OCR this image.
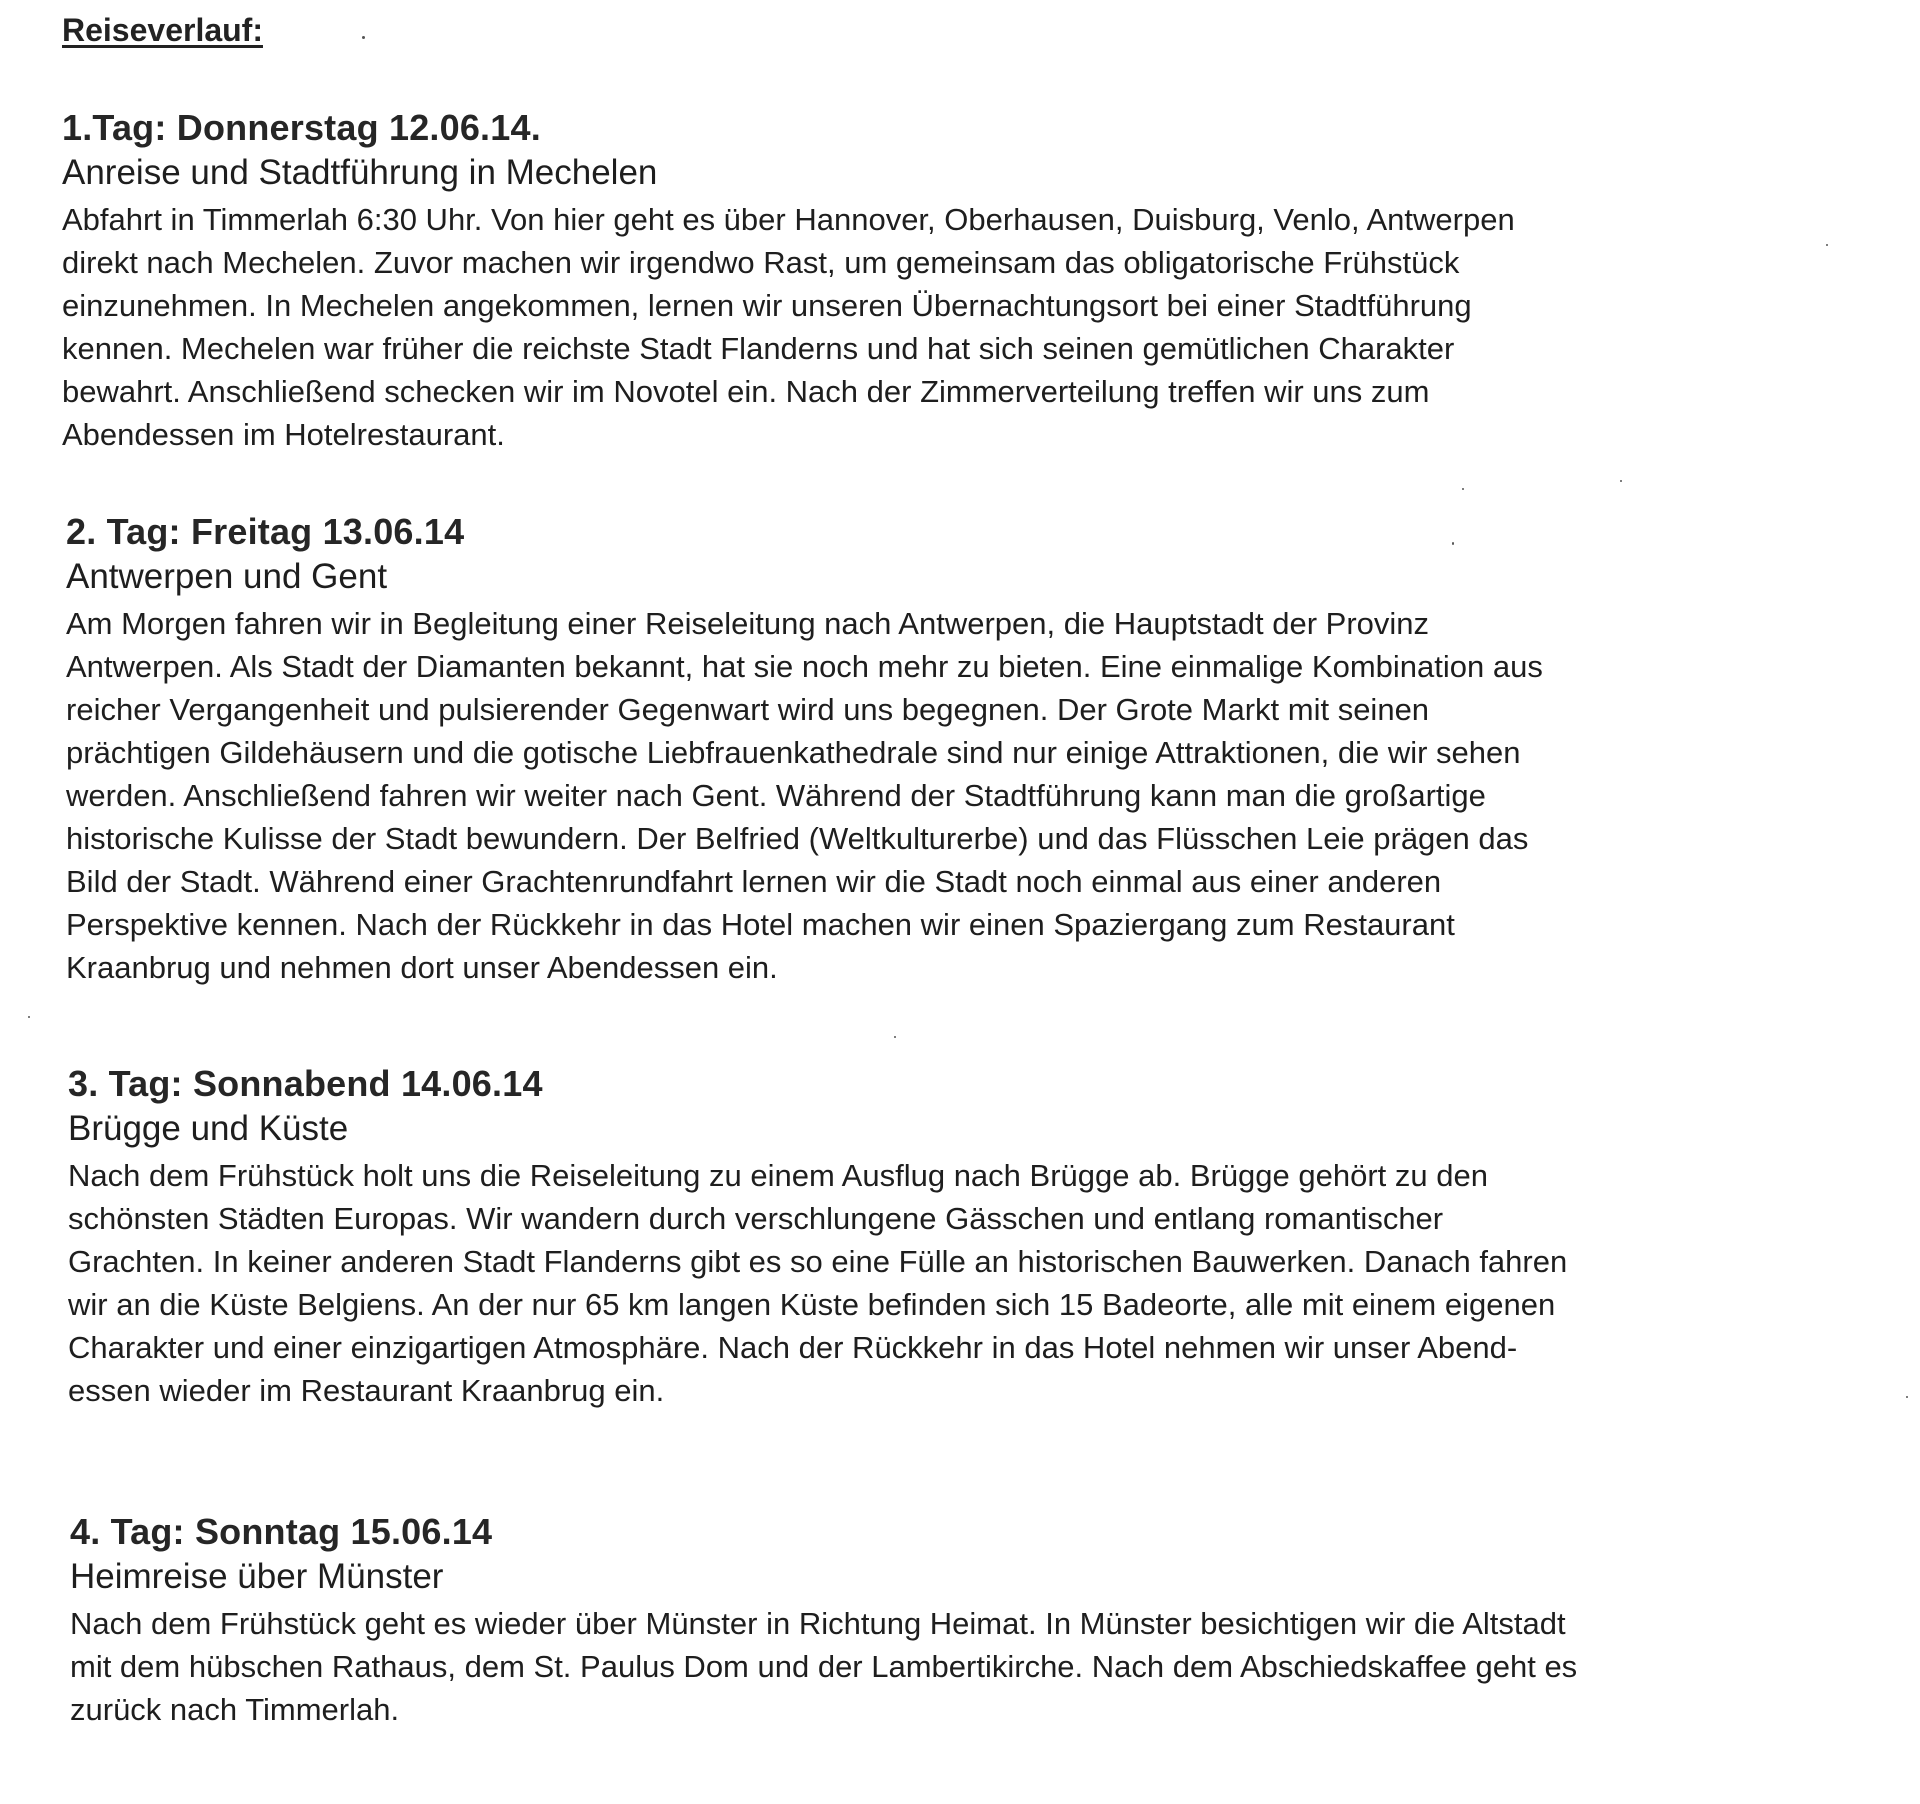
Reiseverlauf:
1.Tag: Donnerstag 12.06.14.
Anreise und Stadtführung in Mechelen

Abfahrt in Timmerlah 6:30 Uhr. Von hier geht es über Hannover, Oberhausen, Duisburg, Venlo, Antwerpen
direkt nach Mechelen. Zuvor machen wir irgendwo Rast, um gemeinsam das obligatorische Frühstück
einzunehmen. In Mechelen angekommen, lernen wir unseren Übernachtungsort bei einer Stadtführung
kennen. Mechelen war früher die reichste Stadt Flanderns und hat sich seinen gemütlichen Charakter
bewahrt. Anschließend schecken wir im Novotel ein. Nach der Zimmerverteilung treffen wir uns zum
Abendessen im Hotelrestaurant.

2. Tag: Freitag 13.06.14
Antwerpen und Gent

Am Morgen fahren wir in Begleitung einer Reiseleitung nach Antwerpen, die Hauptstadt der Provinz
Antwerpen. Als Stadt der Diamanten bekannt, hat sie noch mehr zu bieten. Eine einmalige Kombination aus
reicher Vergangenheit und pulsierender Gegenwart wird uns begegnen. Der Grote Markt mit seinen
prächtigen Gildehäusern und die gotische Liebfrauenkathedrale sind nur einige Attraktionen, die wir sehen
werden. Anschließend fahren wir weiter nach Gent. Während der Stadtführung kann man die großartige
historische Kulisse der Stadt bewundern. Der Belfried (Weltkulturerbe) und das Flüsschen Leie prägen das
Bild der Stadt. Während einer Grachtenrundfahrt lernen wir die Stadt noch einmal aus einer anderen
Perspektive kennen. Nach der Rückkehr in das Hotel machen wir einen Spaziergang zum Restaurant
Kraanbrug und nehmen dort unser Abendessen ein.

3. Tag: Sonnabend 14.06.14
Brügge und Küste

Nach dem Frühstück holt uns die Reiseleitung zu einem Ausflug nach Brügge ab. Brügge gehört zu den
schönsten Städten Europas. Wir wandern durch verschlungene Gässchen und entlang romantischer
Grachten. In keiner anderen Stadt Flanderns gibt es so eine Fülle an historischen Bauwerken. Danach fahren
wir an die Küste Belgiens. An der nur 65 km langen Küste befinden sich 15 Badeorte, alle mit einem eigenen
Charakter und einer einzigartigen Atmosphäre. Nach der Rückkehr in das Hotel nehmen wir unser Abend-
essen wieder im Restaurant Kraanbrug ein.

4. Tag: Sonntag 15.06.14
Heimreise über Münster

Nach dem Frühstück geht es wieder über Münster in Richtung Heimat. In Münster besichtigen wir die Altstadt
mit dem hübschen Rathaus, dem St. Paulus Dom und der Lambertikirche. Nach dem Abschiedskaffee geht es
zurück nach Timmerlah.
